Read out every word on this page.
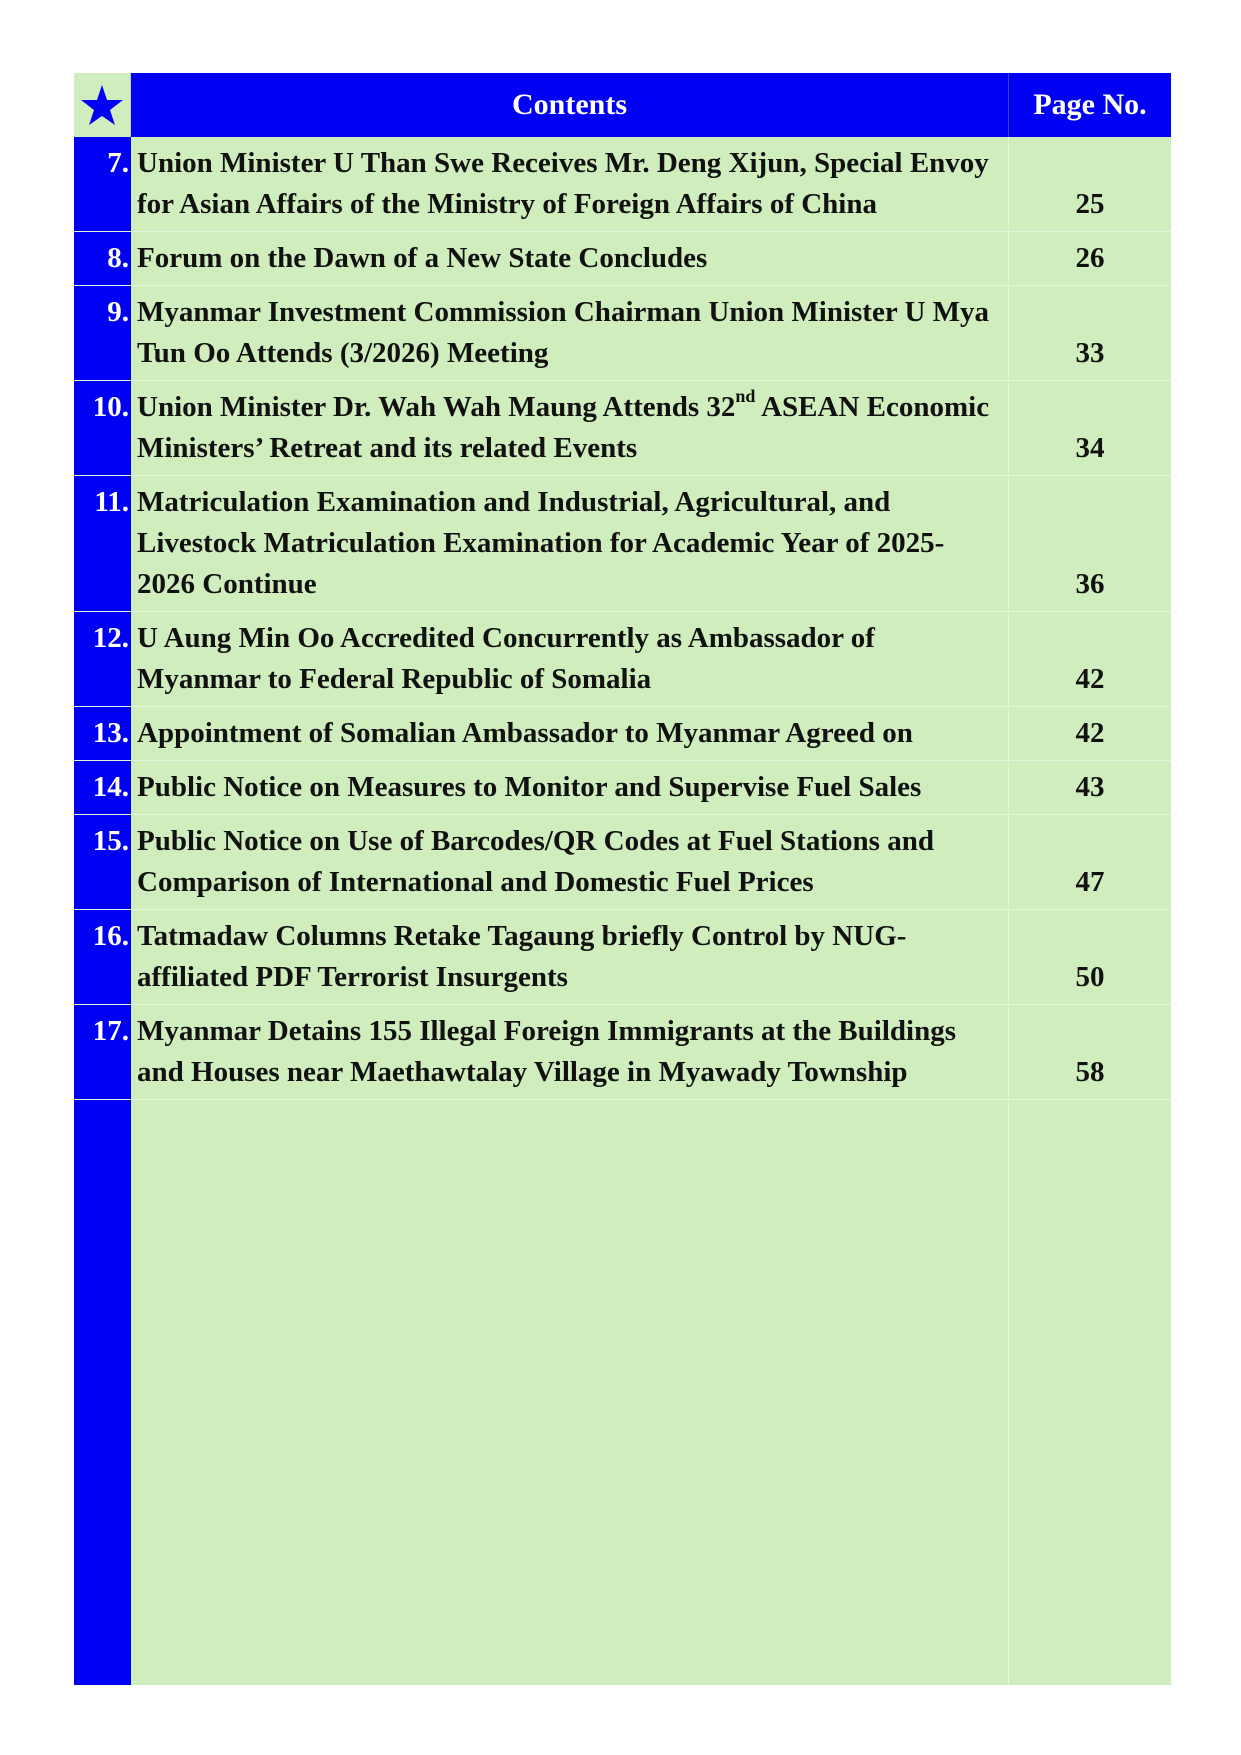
Contents	Page No.
7. Union Minister U Than Swe Receives Mr. Deng Xijun, Special Envoy for Asian Affairs of the Ministry of Foreign Affairs of China	25
8. Forum on the Dawn of a New State Concludes	26
9. Myanmar Investment Commission Chairman Union Minister U Mya Tun Oo Attends (3/2026) Meeting	33
10. Union Minister Dr. Wah Wah Maung Attends 32nd ASEAN Economic Ministers’ Retreat and its related Events	34
11. Matriculation Examination and Industrial, Agricultural, and Livestock Matriculation Examination for Academic Year of 2025-2026 Continue	36
12. U Aung Min Oo Accredited Concurrently as Ambassador of Myanmar to Federal Republic of Somalia	42
13. Appointment of Somalian Ambassador to Myanmar Agreed on	42
14. Public Notice on Measures to Monitor and Supervise Fuel Sales	43
15. Public Notice on Use of Barcodes/QR Codes at Fuel Stations and Comparison of International and Domestic Fuel Prices	47
16. Tatmadaw Columns Retake Tagaung briefly Control by NUG-affiliated PDF Terrorist Insurgents	50
17. Myanmar Detains 155 Illegal Foreign Immigrants at the Buildings and Houses near Maethawtalay Village in Myawady Township	58
